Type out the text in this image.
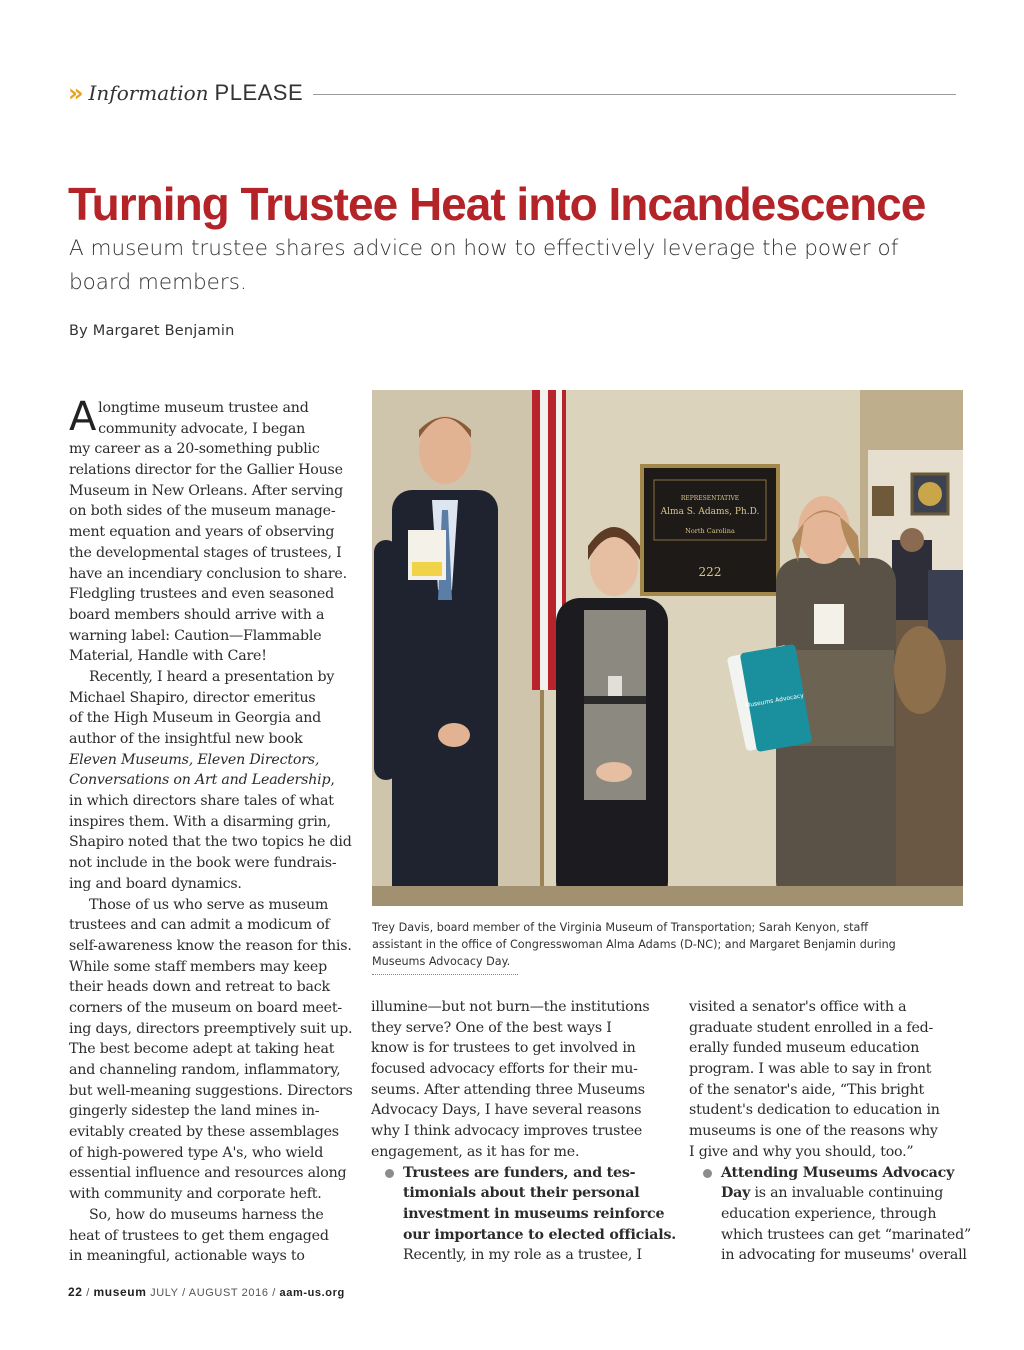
» Information PLEASE
Turning Trustee Heat into Incandescence
A museum trustee shares advice on how to effectively leverage the power of
board members.
By Margaret Benjamin
A longtime museum trustee and
community advocate, I began
my career as a 20-something public
relations director for the Gallier House
Museum in New Orleans. After serving
on both sides of the museum manage-
ment equation and years of observing
the developmental stages of trustees, I
have an incendiary conclusion to share.
Fledgling trustees and even seasoned
board members should arrive with a
warning label: Caution—Flammable
Material, Handle with Care!
Recently, I heard a presentation by
Michael Shapiro, director emeritus
of the High Museum in Georgia and
author of the insightful new book
Eleven Museums, Eleven Directors,
Conversations on Art and Leadership,
in which directors share tales of what
inspires them. With a disarming grin,
Shapiro noted that the two topics he did
not include in the book were fundrais-
ing and board dynamics.
Those of us who serve as museum
trustees and can admit a modicum of
self-awareness know the reason for this.
While some staff members may keep
their heads down and retreat to back
corners of the museum on board meet-
ing days, directors preemptively suit up.
The best become adept at taking heat
and channeling random, inflammatory,
but well-meaning suggestions. Directors
gingerly sidestep the land mines in-
evitably created by these assemblages
of high-powered type A's, who wield
essential influence and resources along
with community and corporate heft.
So, how do museums harness the
heat of trustees to get them engaged
in meaningful, actionable ways to
REPRESENTATIVE
Alma S. Adams, Ph.D.
North Carolina
222
Museums Advocacy
Trey Davis, board member of the Virginia Museum of Transportation; Sarah Kenyon, staff
assistant in the office of Congresswoman Alma Adams (D-NC); and Margaret Benjamin during
Museums Advocacy Day.
illumine—but not burn—the institutions
they serve? One of the best ways I
know is for trustees to get involved in
focused advocacy efforts for their mu-
seums. After attending three Museums
Advocacy Days, I have several reasons
why I think advocacy improves trustee
engagement, as it has for me.
Trustees are funders, and tes-
timonials about their personal
investment in museums reinforce
our importance to elected officials.
Recently, in my role as a trustee, I
visited a senator's office with a
graduate student enrolled in a fed-
erally funded museum education
program. I was able to say in front
of the senator's aide, “This bright
student's dedication to education in
museums is one of the reasons why
I give and why you should, too.”
Attending Museums Advocacy
Day is an invaluable continuing
education experience, through
which trustees can get “marinated”
in advocating for museums' overall
22 / museum JULY / AUGUST 2016 / aam-us.org
